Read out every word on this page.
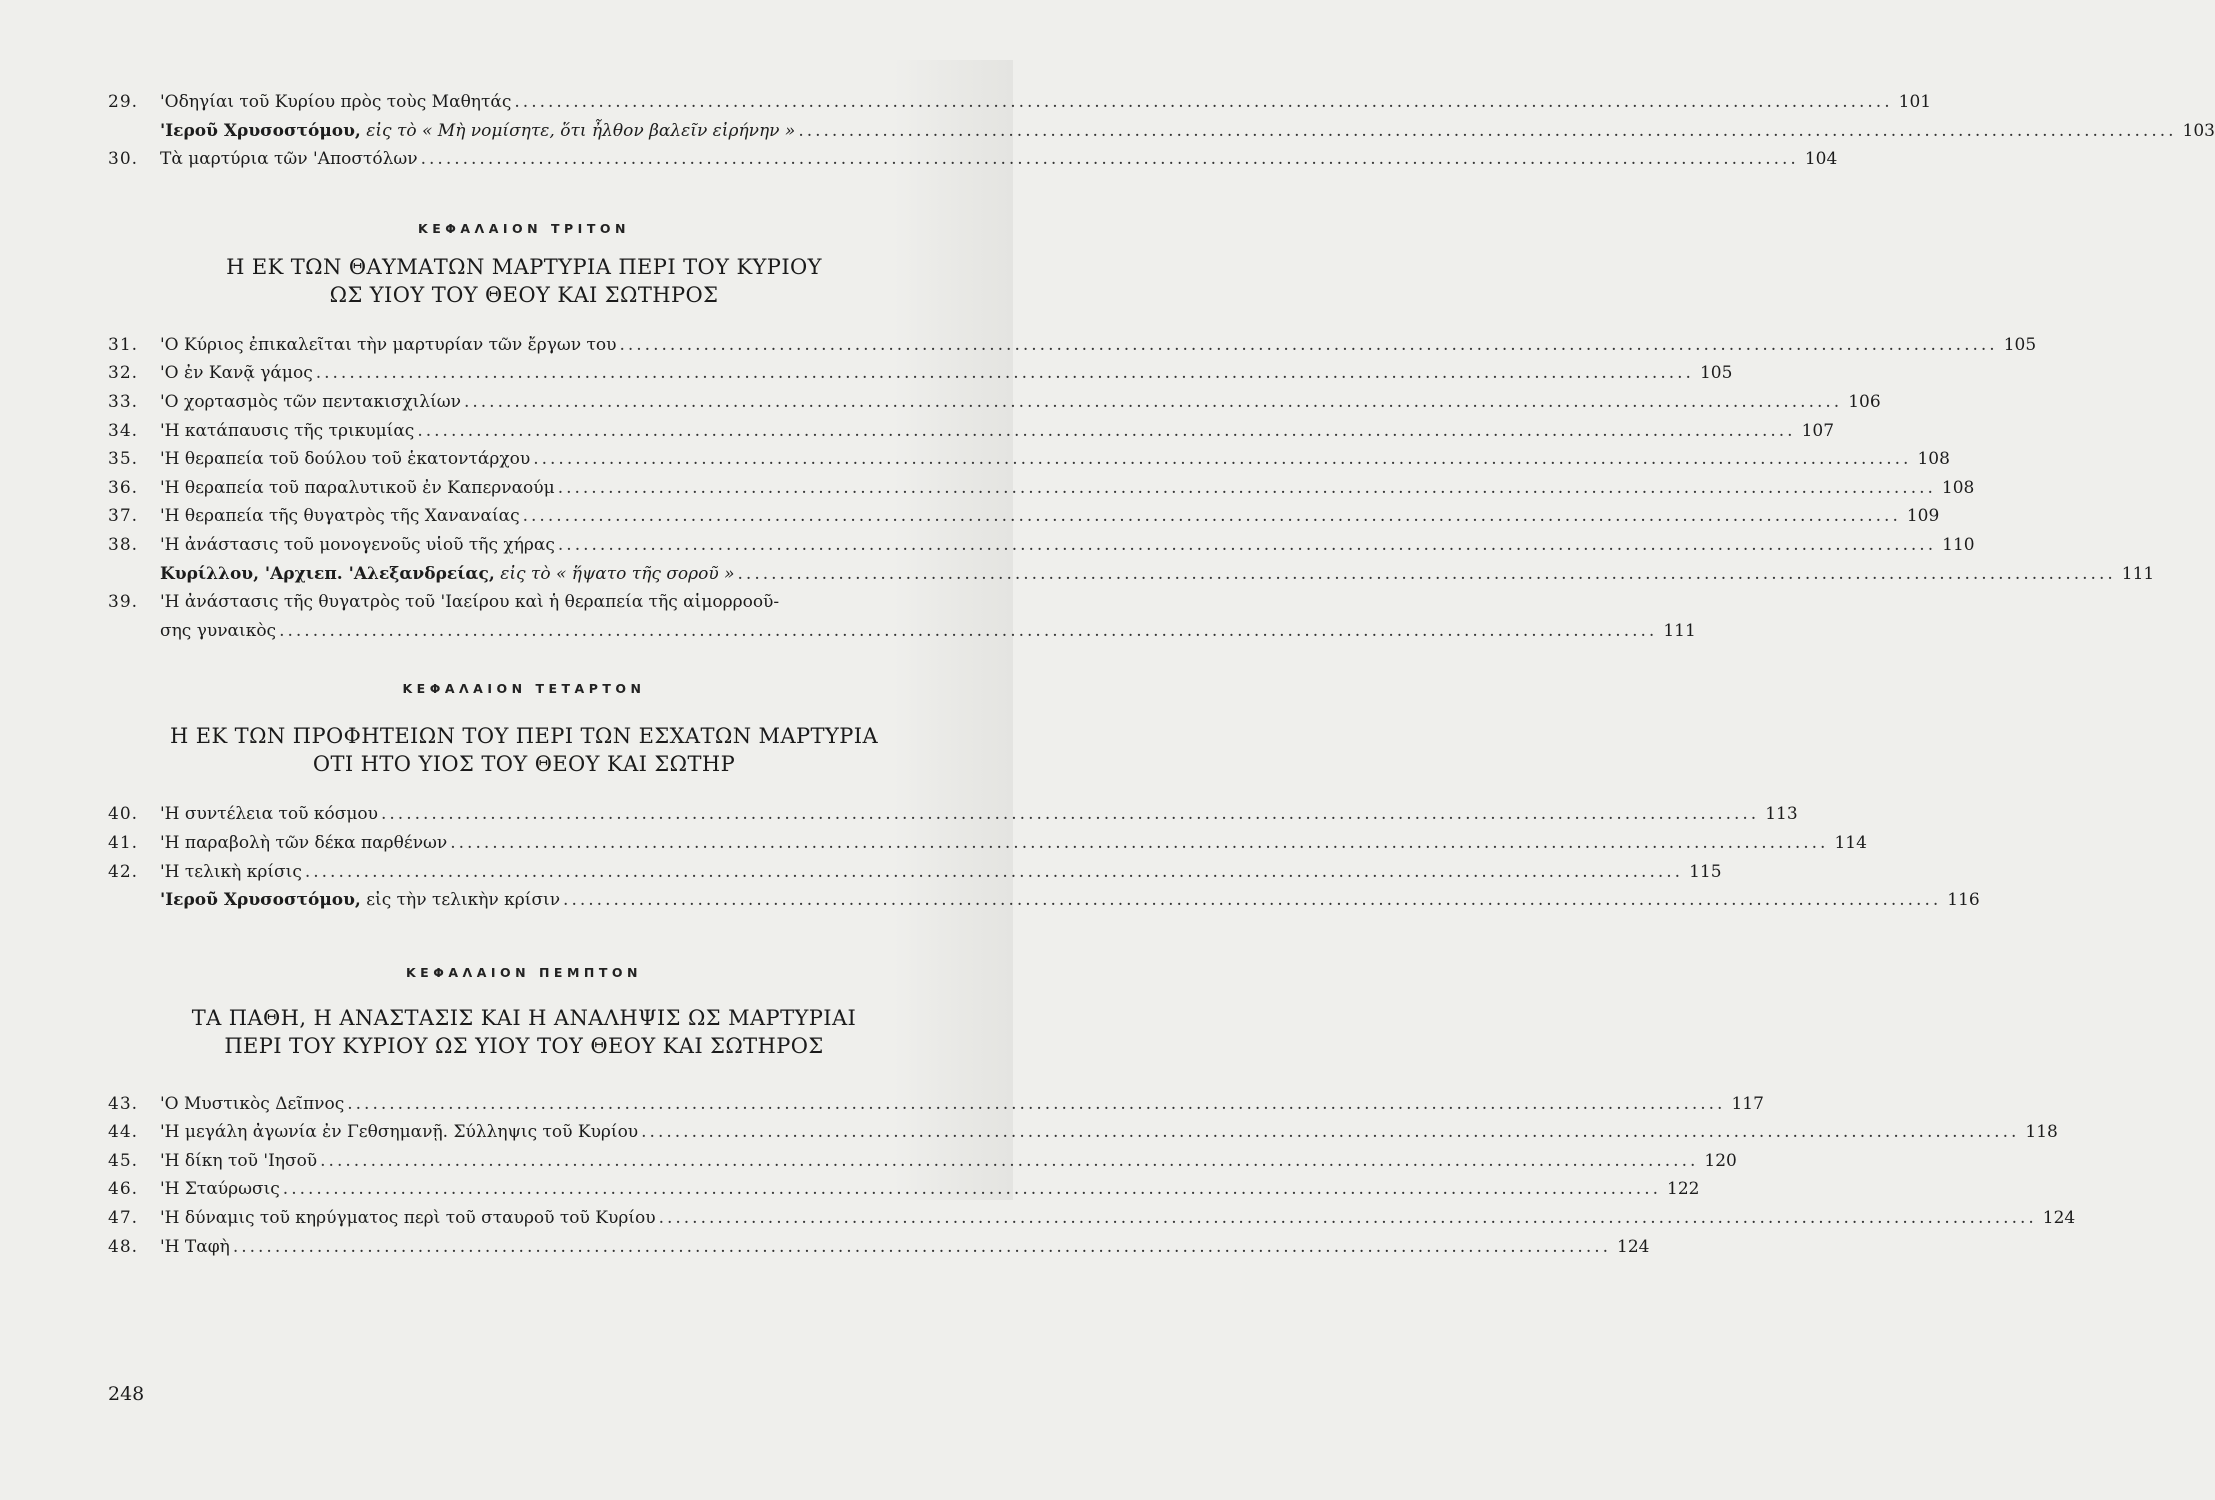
29.	'Οδηγίαι τοῦ Κυρίου πρὸς τοὺς Μαθητάς .....	101
'Ιεροῦ Χρυσοστόμου, εἰς τὸ « Μὴ νομίσητε, ὅτι ἦλθον βαλεῖν εἰρήνην » .....	103
30.	Τὰ μαρτύρια τῶν 'Αποστόλων .....	104
ΚΕΦΑΛΑΙΟΝ ΤΡΙΤΟΝ
Η ΕΚ ΤΩΝ ΘΑΥΜΑΤΩΝ ΜΑΡΤΥΡΙΑ ΠΕΡΙ ΤΟΥ ΚΥΡΙΟΥ
ΩΣ ΥΙΟΥ ΤΟΥ ΘΕΟΥ ΚΑΙ ΣΩΤΗΡΟΣ
31.	'Ο Κύριος ἐπικαλεῖται τὴν μαρτυρίαν τῶν ἔργων του .....	105
32.	'Ο ἐν Κανᾷ γάμος .....	105
33.	'Ο χορτασμὸς τῶν πεντακισχιλίων .....	106
34.	'Η κατάπαυσις τῆς τρικυμίας .....	107
35.	'Η θεραπεία τοῦ δούλου τοῦ ἑκατοντάρχου .....	108
36.	'Η θεραπεία τοῦ παραλυτικοῦ ἐν Καπερναούμ .....	108
37.	'Η θεραπεία τῆς θυγατρὸς τῆς Χαναναίας .....	109
38.	'Η ἀνάστασις τοῦ μονογενοῦς υἱοῦ τῆς χήρας .....	110
Κυρίλλου, 'Αρχιεπ. 'Αλεξανδρείας, εἰς τὸ « ἥψατο τῆς σοροῦ » .....	111
39.	'Η ἀνάστασις τῆς θυγατρὸς τοῦ 'Ιαείρου καὶ ἡ θεραπεία τῆς αἱμορροοῦ-
σης γυναικὸς .....	111
ΚΕΦΑΛΑΙΟΝ ΤΕΤΑΡΤΟΝ
Η ΕΚ ΤΩΝ ΠΡΟΦΗΤΕΙΩΝ ΤΟΥ ΠΕΡΙ ΤΩΝ ΕΣΧΑΤΩΝ ΜΑΡΤΥΡΙΑ
ΟΤΙ ΗΤΟ ΥΙΟΣ ΤΟΥ ΘΕΟΥ ΚΑΙ ΣΩΤΗΡ
40.	'Η συντέλεια τοῦ κόσμου .....	113
41.	'Η παραβολὴ τῶν δέκα παρθένων .....	114
42.	'Η τελικὴ κρίσις .....	115
'Ιεροῦ Χρυσοστόμου, εἰς τὴν τελικὴν κρίσιν .....	116
ΚΕΦΑΛΑΙΟΝ ΠΕΜΠΤΟΝ
ΤΑ ΠΑΘΗ, Η ΑΝΑΣΤΑΣΙΣ ΚΑΙ Η ΑΝΑΛΗΨΙΣ ΩΣ ΜΑΡΤΥΡΙΑΙ
ΠΕΡΙ ΤΟΥ ΚΥΡΙΟΥ ΩΣ ΥΙΟΥ ΤΟΥ ΘΕΟΥ ΚΑΙ ΣΩΤΗΡΟΣ
43.	'Ο Μυστικὸς Δεῖπνος .....	117
44.	'Η μεγάλη ἀγωνία ἐν Γεθσημανῇ. Σύλληψις τοῦ Κυρίου .....	118
45.	'Η δίκη τοῦ 'Ιησοῦ .....	120
46.	'Η Σταύρωσις .....	122
47.	'Η δύναμις τοῦ κηρύγματος περὶ τοῦ σταυροῦ τοῦ Κυρίου .....	124
48.	'Η Ταφὴ .....	124
248
